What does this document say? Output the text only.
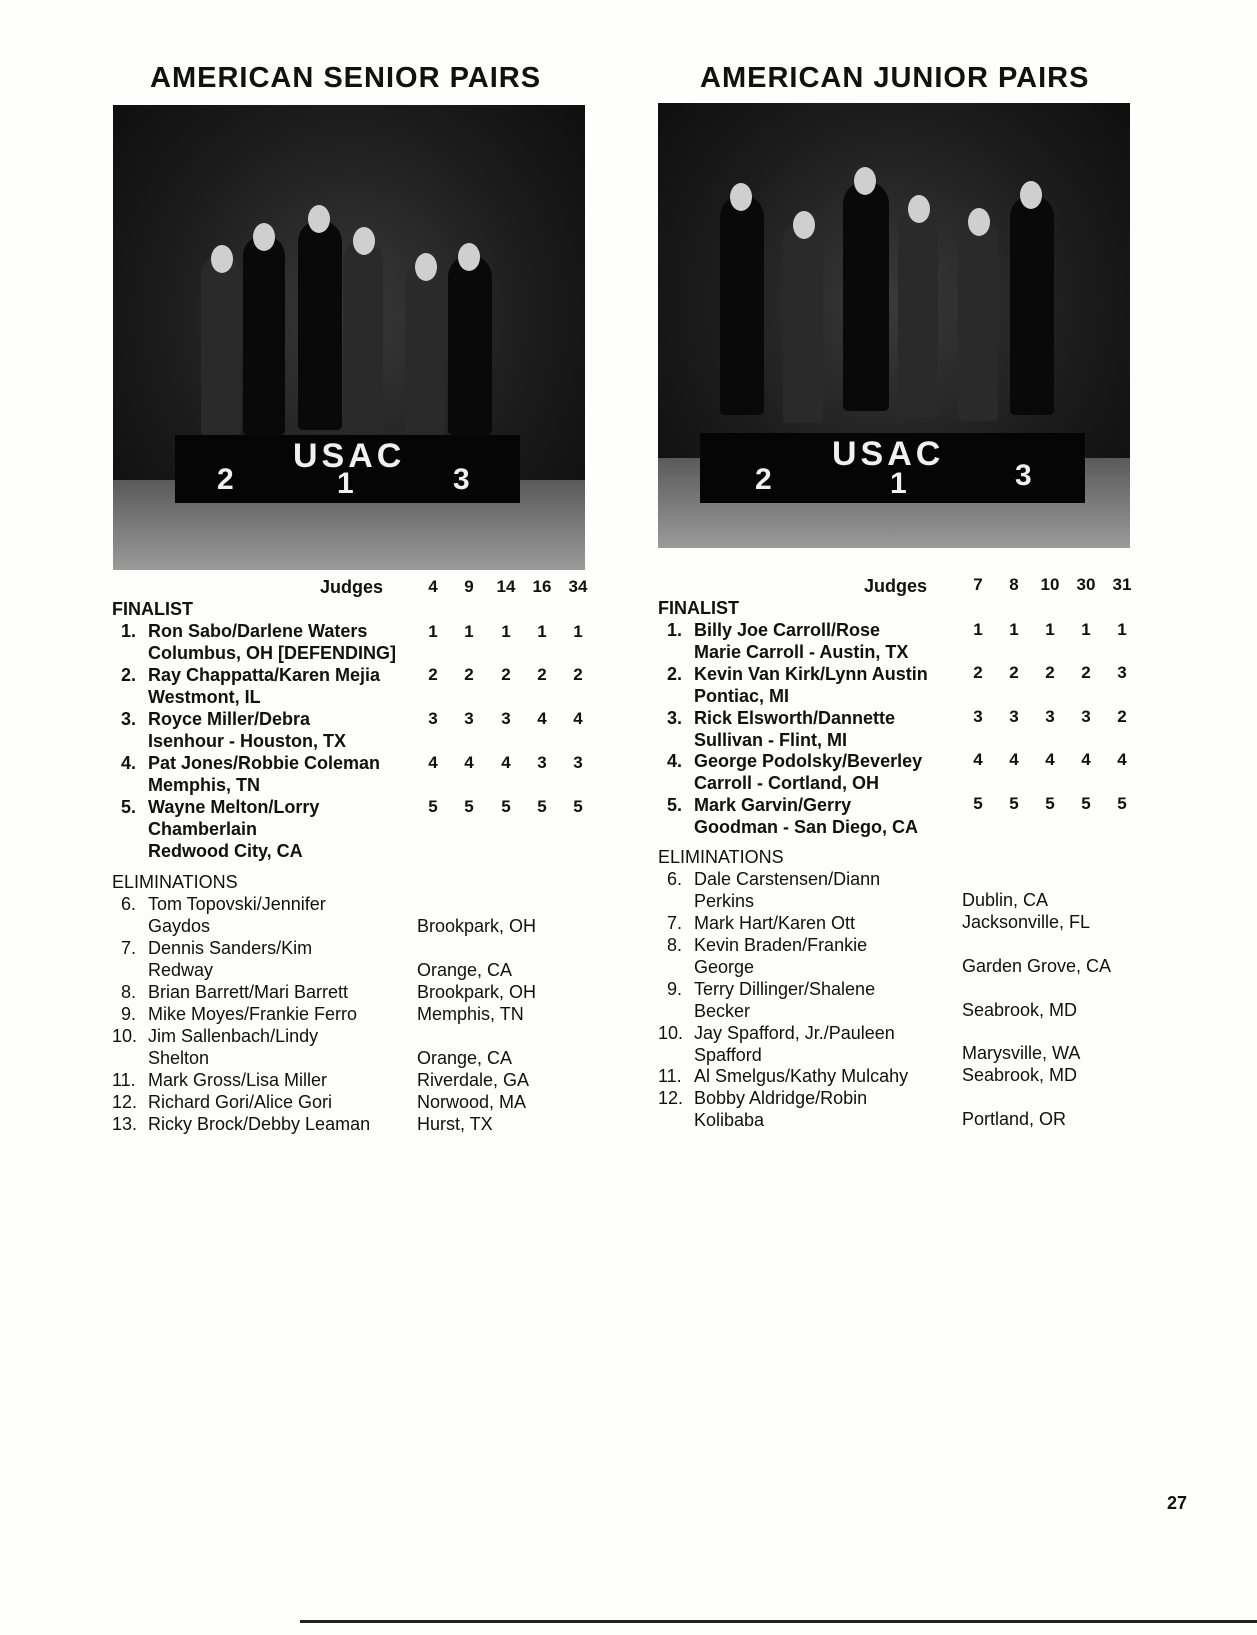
AMERICAN SENIOR PAIRS	AMERICAN JUNIOR PAIRS
2
USAC
1	3	2
USAC
1	3
Judges	4	9	14	16	34
FINALIST
1. Ron Sabo/Darlene Waters
Columbus, OH [DEFENDING]
1	1	1	1	1
2. Ray Chappatta/Karen Mejia
Westmont, IL
2	2	2	2	2
3. Royce Miller/Debra
Isenhour - Houston, TX
3	3	3	4	4
4. Pat Jones/Robbie Coleman
Memphis, TN
4	4	4	3	3
5. Wayne Melton/Lorry
Chamberlain
Redwood City, CA
5	5	5	5	5
ELIMINATIONS
6. Tom Topovski/Jennifer
Gaydos	Brookpark, OH
7. Dennis Sanders/Kim
Redway	Orange, CA
8. Brian Barrett/Mari Barrett	Brookpark, OH
9. Mike Moyes/Frankie Ferro	Memphis, TN
10. Jim Sallenbach/Lindy
Shelton	Orange, CA
11. Mark Gross/Lisa Miller	Riverdale, GA
12. Richard Gori/Alice Gori	Norwood, MA
13. Ricky Brock/Debby Leaman	Hurst, TX
Judges	7	8	10	30	31
FINALIST
1. Billy Joe Carroll/Rose
Marie Carroll - Austin, TX
1	1	1	1	1
2. Kevin Van Kirk/Lynn Austin
Pontiac, MI
2	2	2	2	3
3. Rick Elsworth/Dannette
Sullivan - Flint, MI
3	3	3	3	2
4. George Podolsky/Beverley
Carroll - Cortland, OH
4	4	4	4	4
5. Mark Garvin/Gerry
Goodman - San Diego, CA
5	5	5	5	5
ELIMINATIONS
6. Dale Carstensen/Diann
Perkins	Dublin, CA
7. Mark Hart/Karen Ott	Jacksonville, FL
8. Kevin Braden/Frankie
George	Garden Grove, CA
9. Terry Dillinger/Shalene
Becker	Seabrook, MD
10. Jay Spafford, Jr./Pauleen
Spafford	Marysville, WA
11. Al Smelgus/Kathy Mulcahy	Seabrook, MD
12. Bobby Aldridge/Robin
Kolibaba	Portland, OR
27
